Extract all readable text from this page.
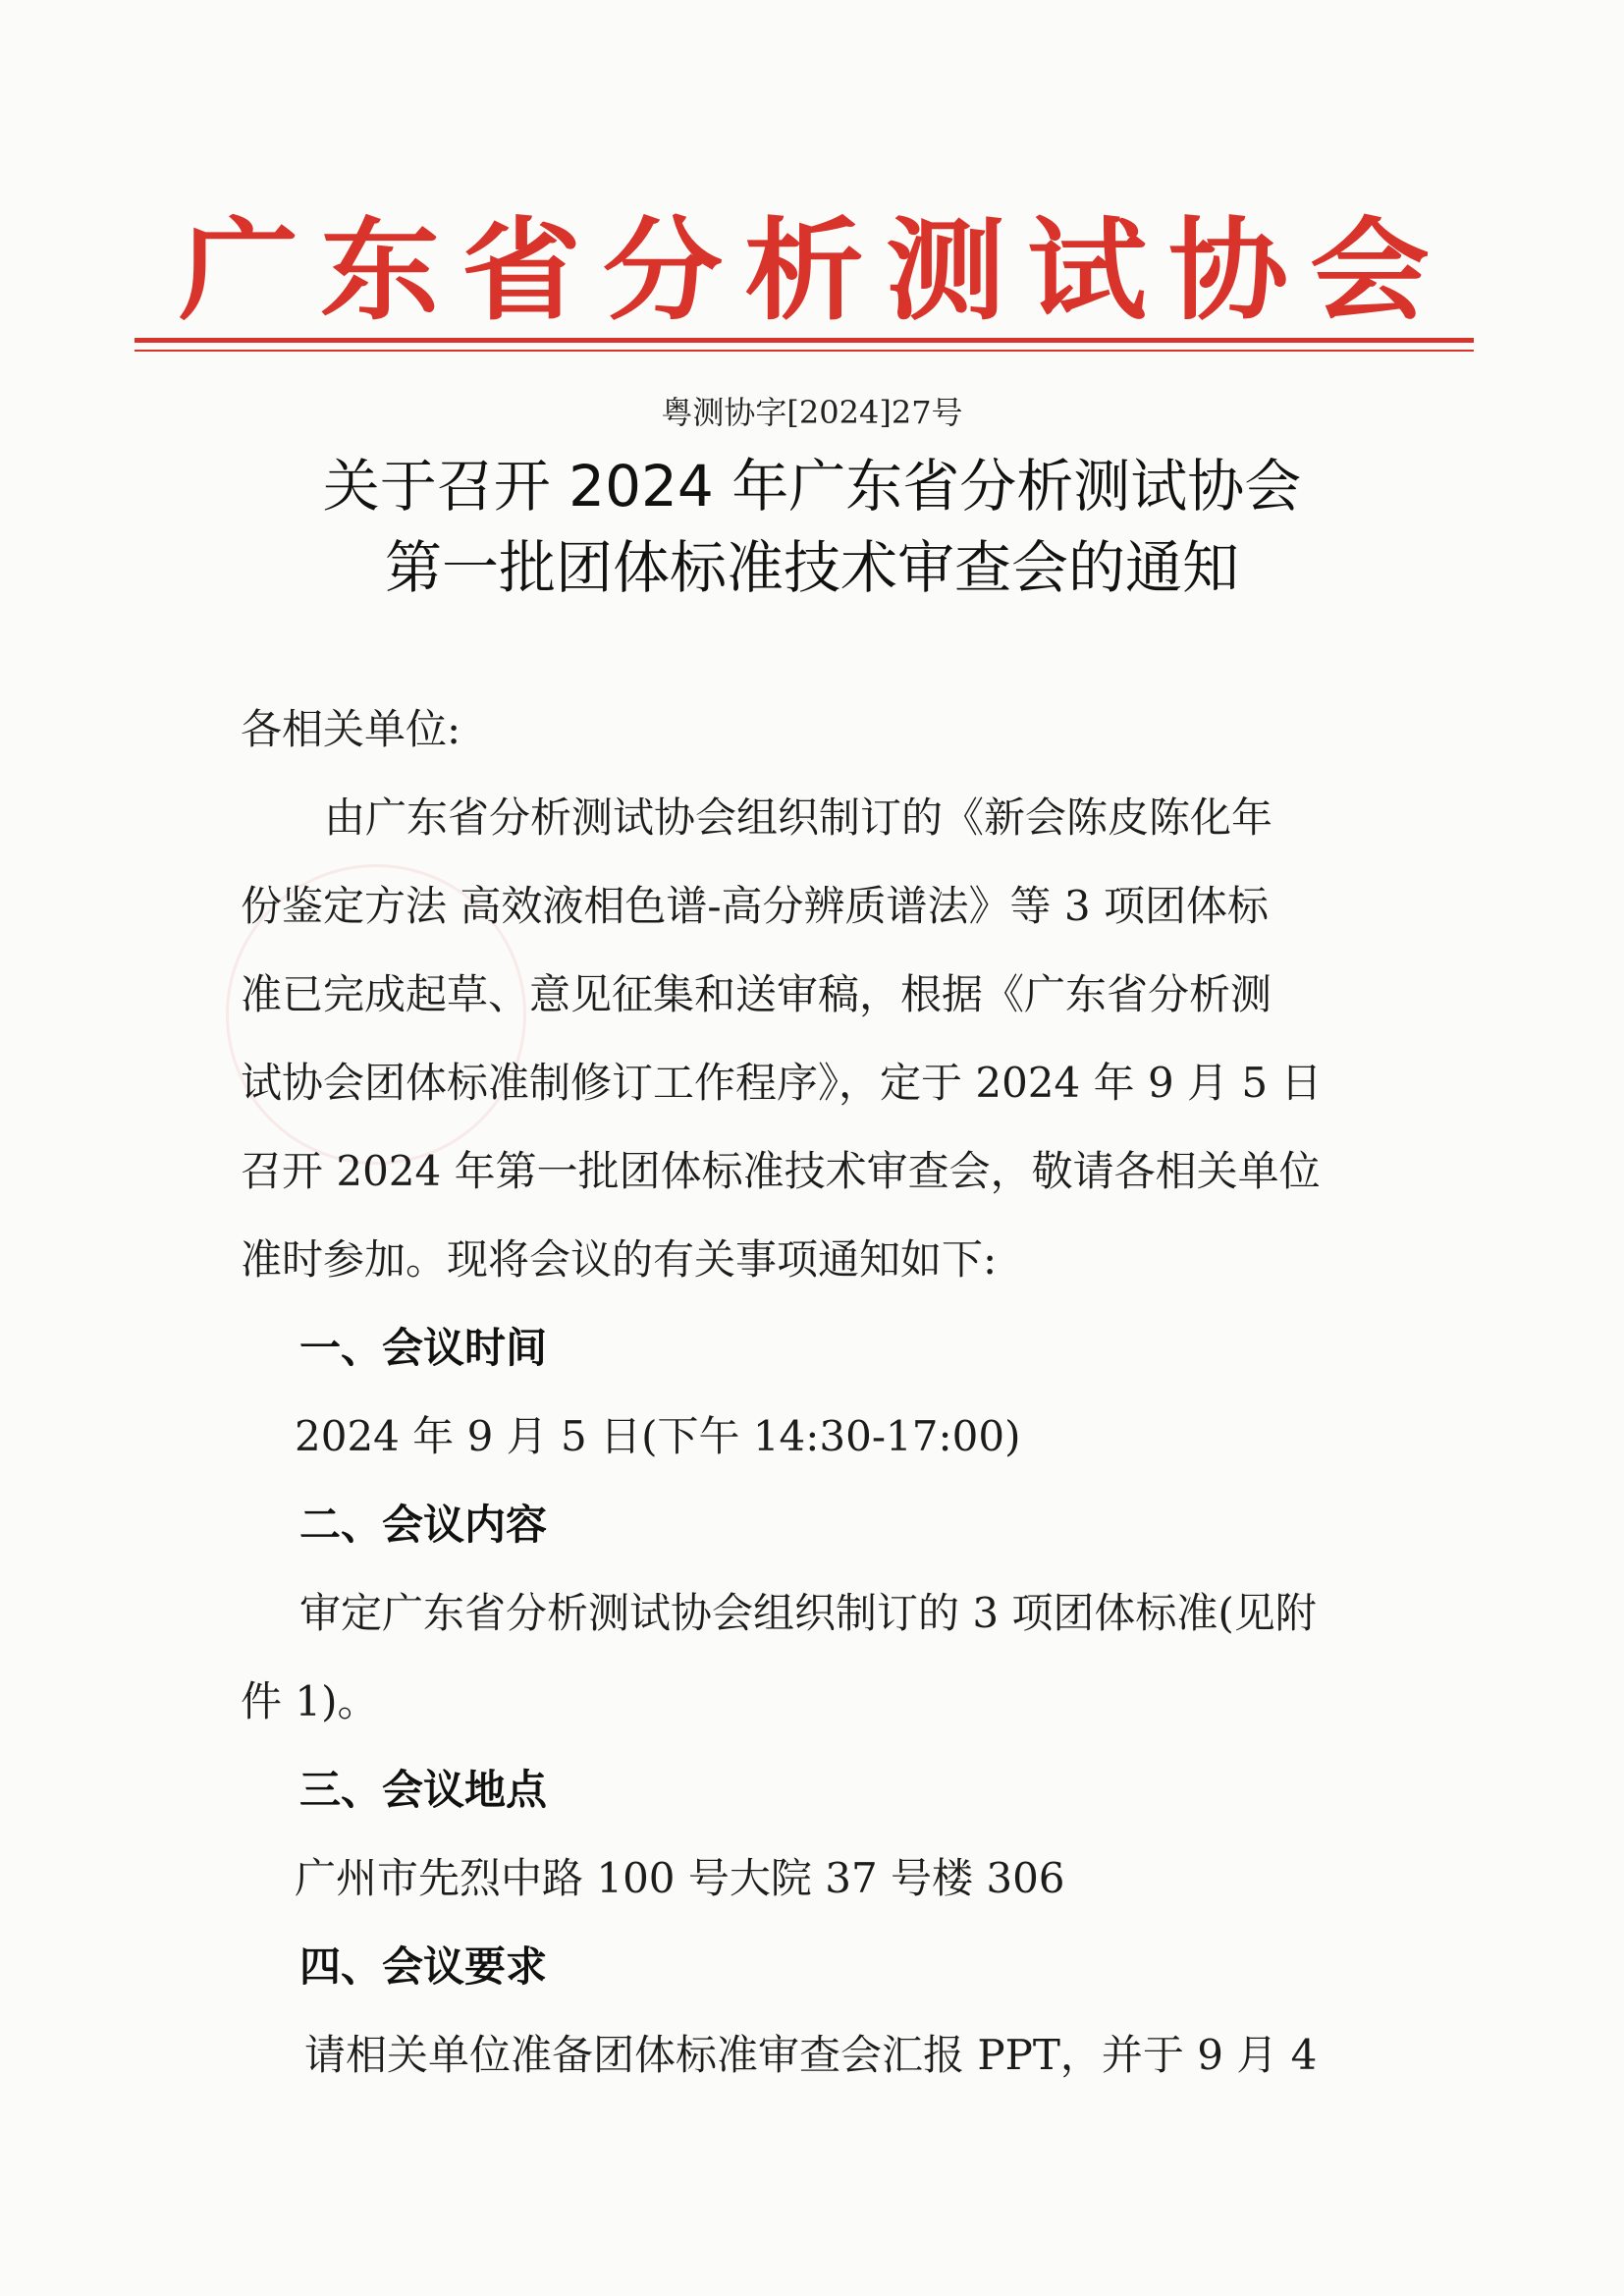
广东省分析测试协会
粤测协字[2024]27号
关于召开 2024 年广东省分析测试协会
第一批团体标准技术审查会的通知
各相关单位:
由广东省分析测试协会组织制订的《新会陈皮陈化年
份鉴定方法 高效液相色谱-高分辨质谱法》等 3 项团体标
准已完成起草、意见征集和送审稿，根据《广东省分析测
试协会团体标准制修订工作程序》，定于 2024 年 9 月 5 日
召开 2024 年第一批团体标准技术审查会，敬请各相关单位
准时参加。现将会议的有关事项通知如下:
一、会议时间
2024 年 9 月 5 日(下午 14:30-17:00)
二、会议内容
审定广东省分析测试协会组织制订的 3 项团体标准(见附
件 1)。
三、会议地点
广州市先烈中路 100 号大院 37 号楼 306
四、会议要求
请相关单位准备团体标准审查会汇报 PPT，并于 9 月 4
